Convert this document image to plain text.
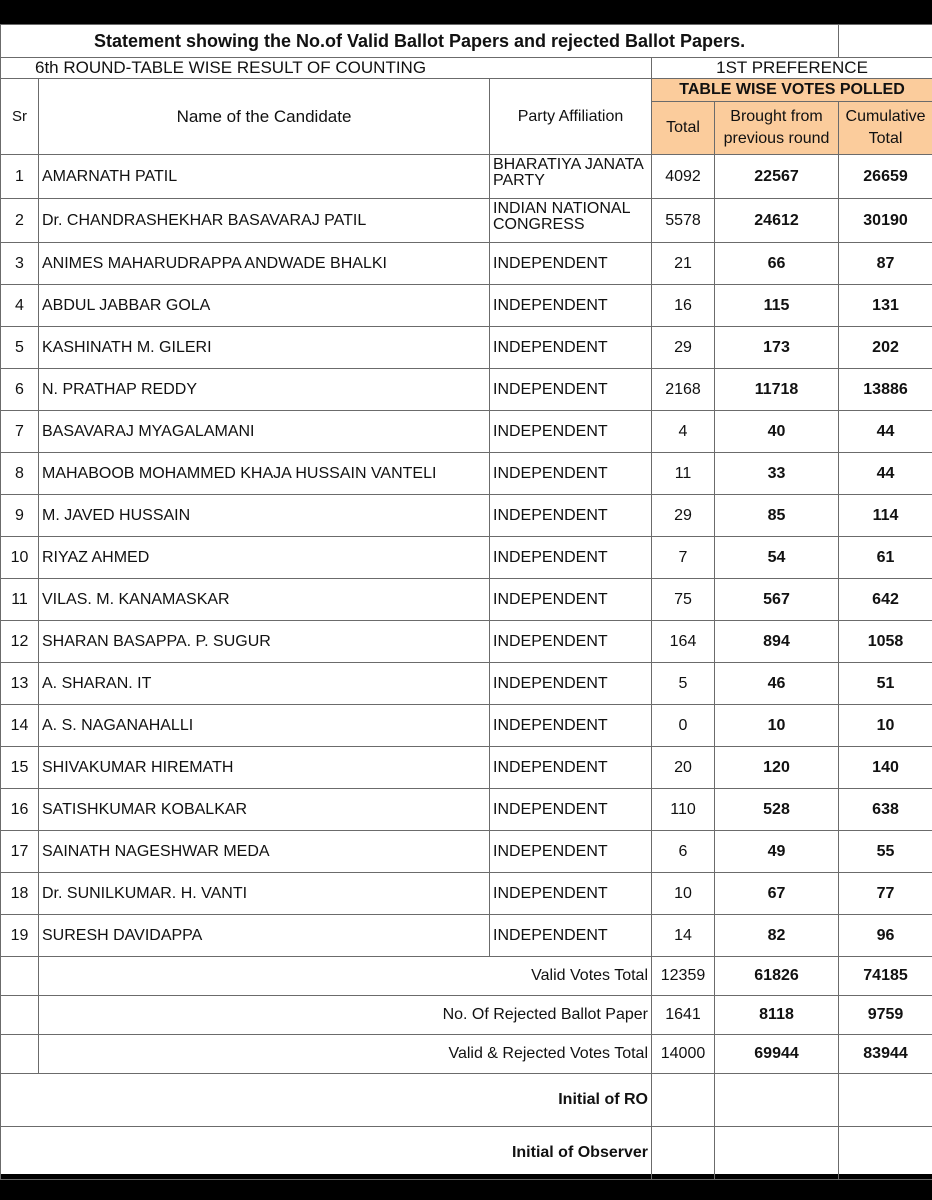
Statement showing the No.of Valid Ballot Papers and rejected Ballot Papers.					
6th ROUND-TABLE WISE RESULT OF COUNTING			1ST PREFERENCE		
Sr	Name of the Candidate	Party Affiliation	TABLE WISE VOTES POLLED		
			Total	Brought from previous round	Cumulative Total
1	AMARNATH PATIL	BHARATIYA JANATA PARTY	4092	22567	26659
2	Dr. CHANDRASHEKHAR BASAVARAJ PATIL	INDIAN NATIONAL CONGRESS	5578	24612	30190
3	ANIMES MAHARUDRAPPA ANDWADE BHALKI	INDEPENDENT	21	66	87
4	ABDUL JABBAR GOLA	INDEPENDENT	16	115	131
5	KASHINATH M. GILERI	INDEPENDENT	29	173	202
6	N. PRATHAP REDDY	INDEPENDENT	2168	11718	13886
7	BASAVARAJ MYAGALAMANI	INDEPENDENT	4	40	44
8	MAHABOOB MOHAMMED KHAJA HUSSAIN VANTELI	INDEPENDENT	11	33	44
9	M. JAVED HUSSAIN	INDEPENDENT	29	85	114
10	RIYAZ AHMED	INDEPENDENT	7	54	61
11	VILAS. M. KANAMASKAR	INDEPENDENT	75	567	642
12	SHARAN BASAPPA. P. SUGUR	INDEPENDENT	164	894	1058
13	A. SHARAN. IT	INDEPENDENT	5	46	51
14	A. S. NAGANAHALLI	INDEPENDENT	0	10	10
15	SHIVAKUMAR HIREMATH	INDEPENDENT	20	120	140
16	SATISHKUMAR KOBALKAR	INDEPENDENT	110	528	638
17	SAINATH NAGESHWAR MEDA	INDEPENDENT	6	49	55
18	Dr. SUNILKUMAR. H. VANTI	INDEPENDENT	10	67	77
19	SURESH DAVIDAPPA	INDEPENDENT	14	82	96
	Valid Votes Total		12359	61826	74185
	No. Of Rejected Ballot Paper		1641	8118	9759
	Valid & Rejected Votes Total		14000	69944	83944
Initial of RO					
Initial of Observer					
